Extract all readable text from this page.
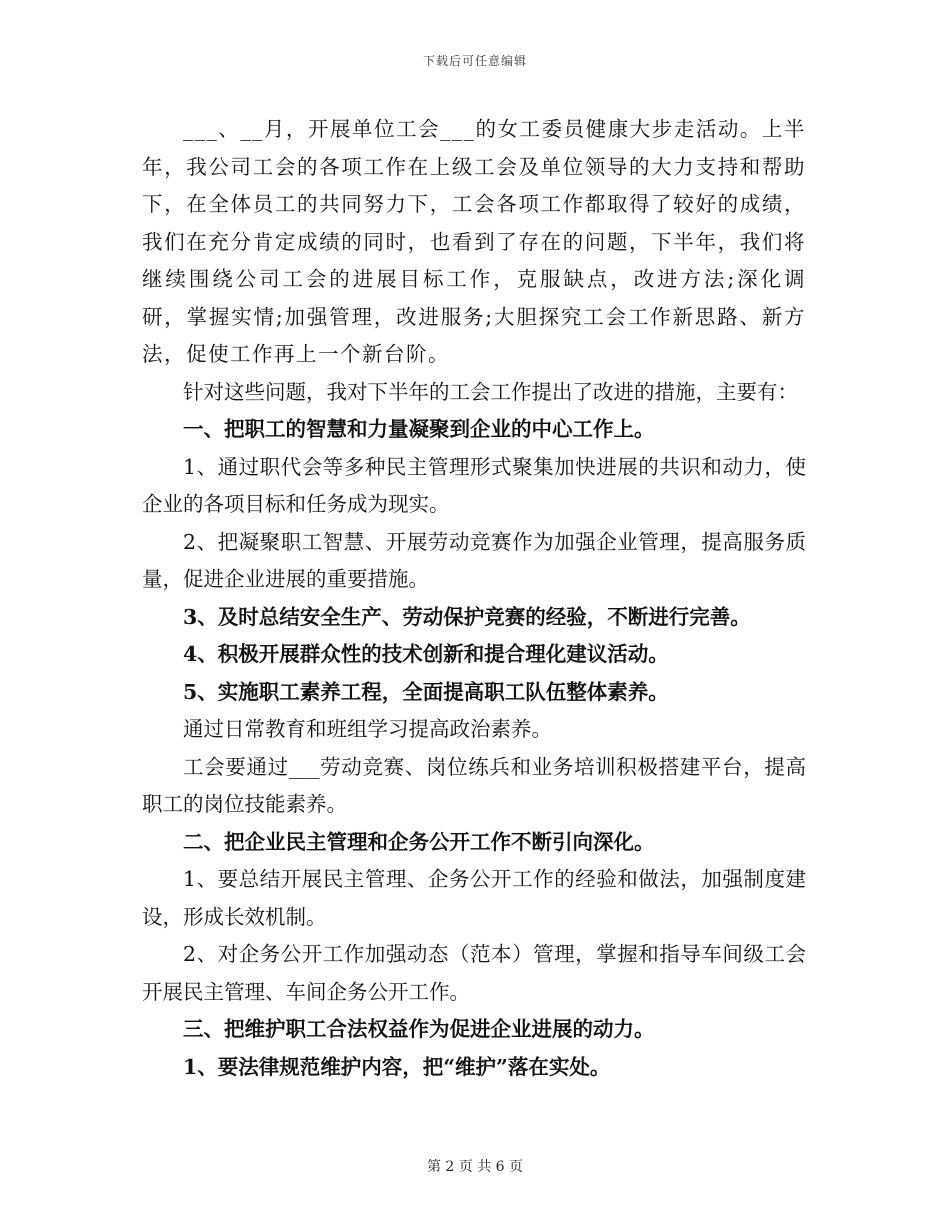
下载后可任意编辑

___、__月，开展单位工会___的女工委员健康大步走活动。上半年，我公司工会的各项工作在上级工会及单位领导的大力支持和帮助下，在全体员工的共同努力下，工会各项工作都取得了较好的成绩，我们在充分肯定成绩的同时，也看到了存在的问题，下半年，我们将继续围绕公司工会的进展目标工作，克服缺点，改进方法;深化调研，掌握实情;加强管理，改进服务;大胆探究工会工作新思路、新方法，促使工作再上一个新台阶。

针对这些问题，我对下半年的工会工作提出了改进的措施，主要有：

一、把职工的智慧和力量凝聚到企业的中心工作上。

1、通过职代会等多种民主管理形式聚集加快进展的共识和动力，使企业的各项目标和任务成为现实。

2、把凝聚职工智慧、开展劳动竞赛作为加强企业管理，提高服务质量，促进企业进展的重要措施。

3、及时总结安全生产、劳动保护竞赛的经验，不断进行完善。

4、积极开展群众性的技术创新和提合理化建议活动。

5、实施职工素养工程，全面提高职工队伍整体素养。

通过日常教育和班组学习提高政治素养。

工会要通过___劳动竞赛、岗位练兵和业务培训积极搭建平台，提高职工的岗位技能素养。

二、把企业民主管理和企务公开工作不断引向深化。

1、要总结开展民主管理、企务公开工作的经验和做法，加强制度建设，形成长效机制。

2、对企务公开工作加强动态（范本）管理，掌握和指导车间级工会开展民主管理、车间企务公开工作。

三、把维护职工合法权益作为促进企业进展的动力。

1、要法律规范维护内容，把“维护”落在实处。

第 2 页 共 6 页
